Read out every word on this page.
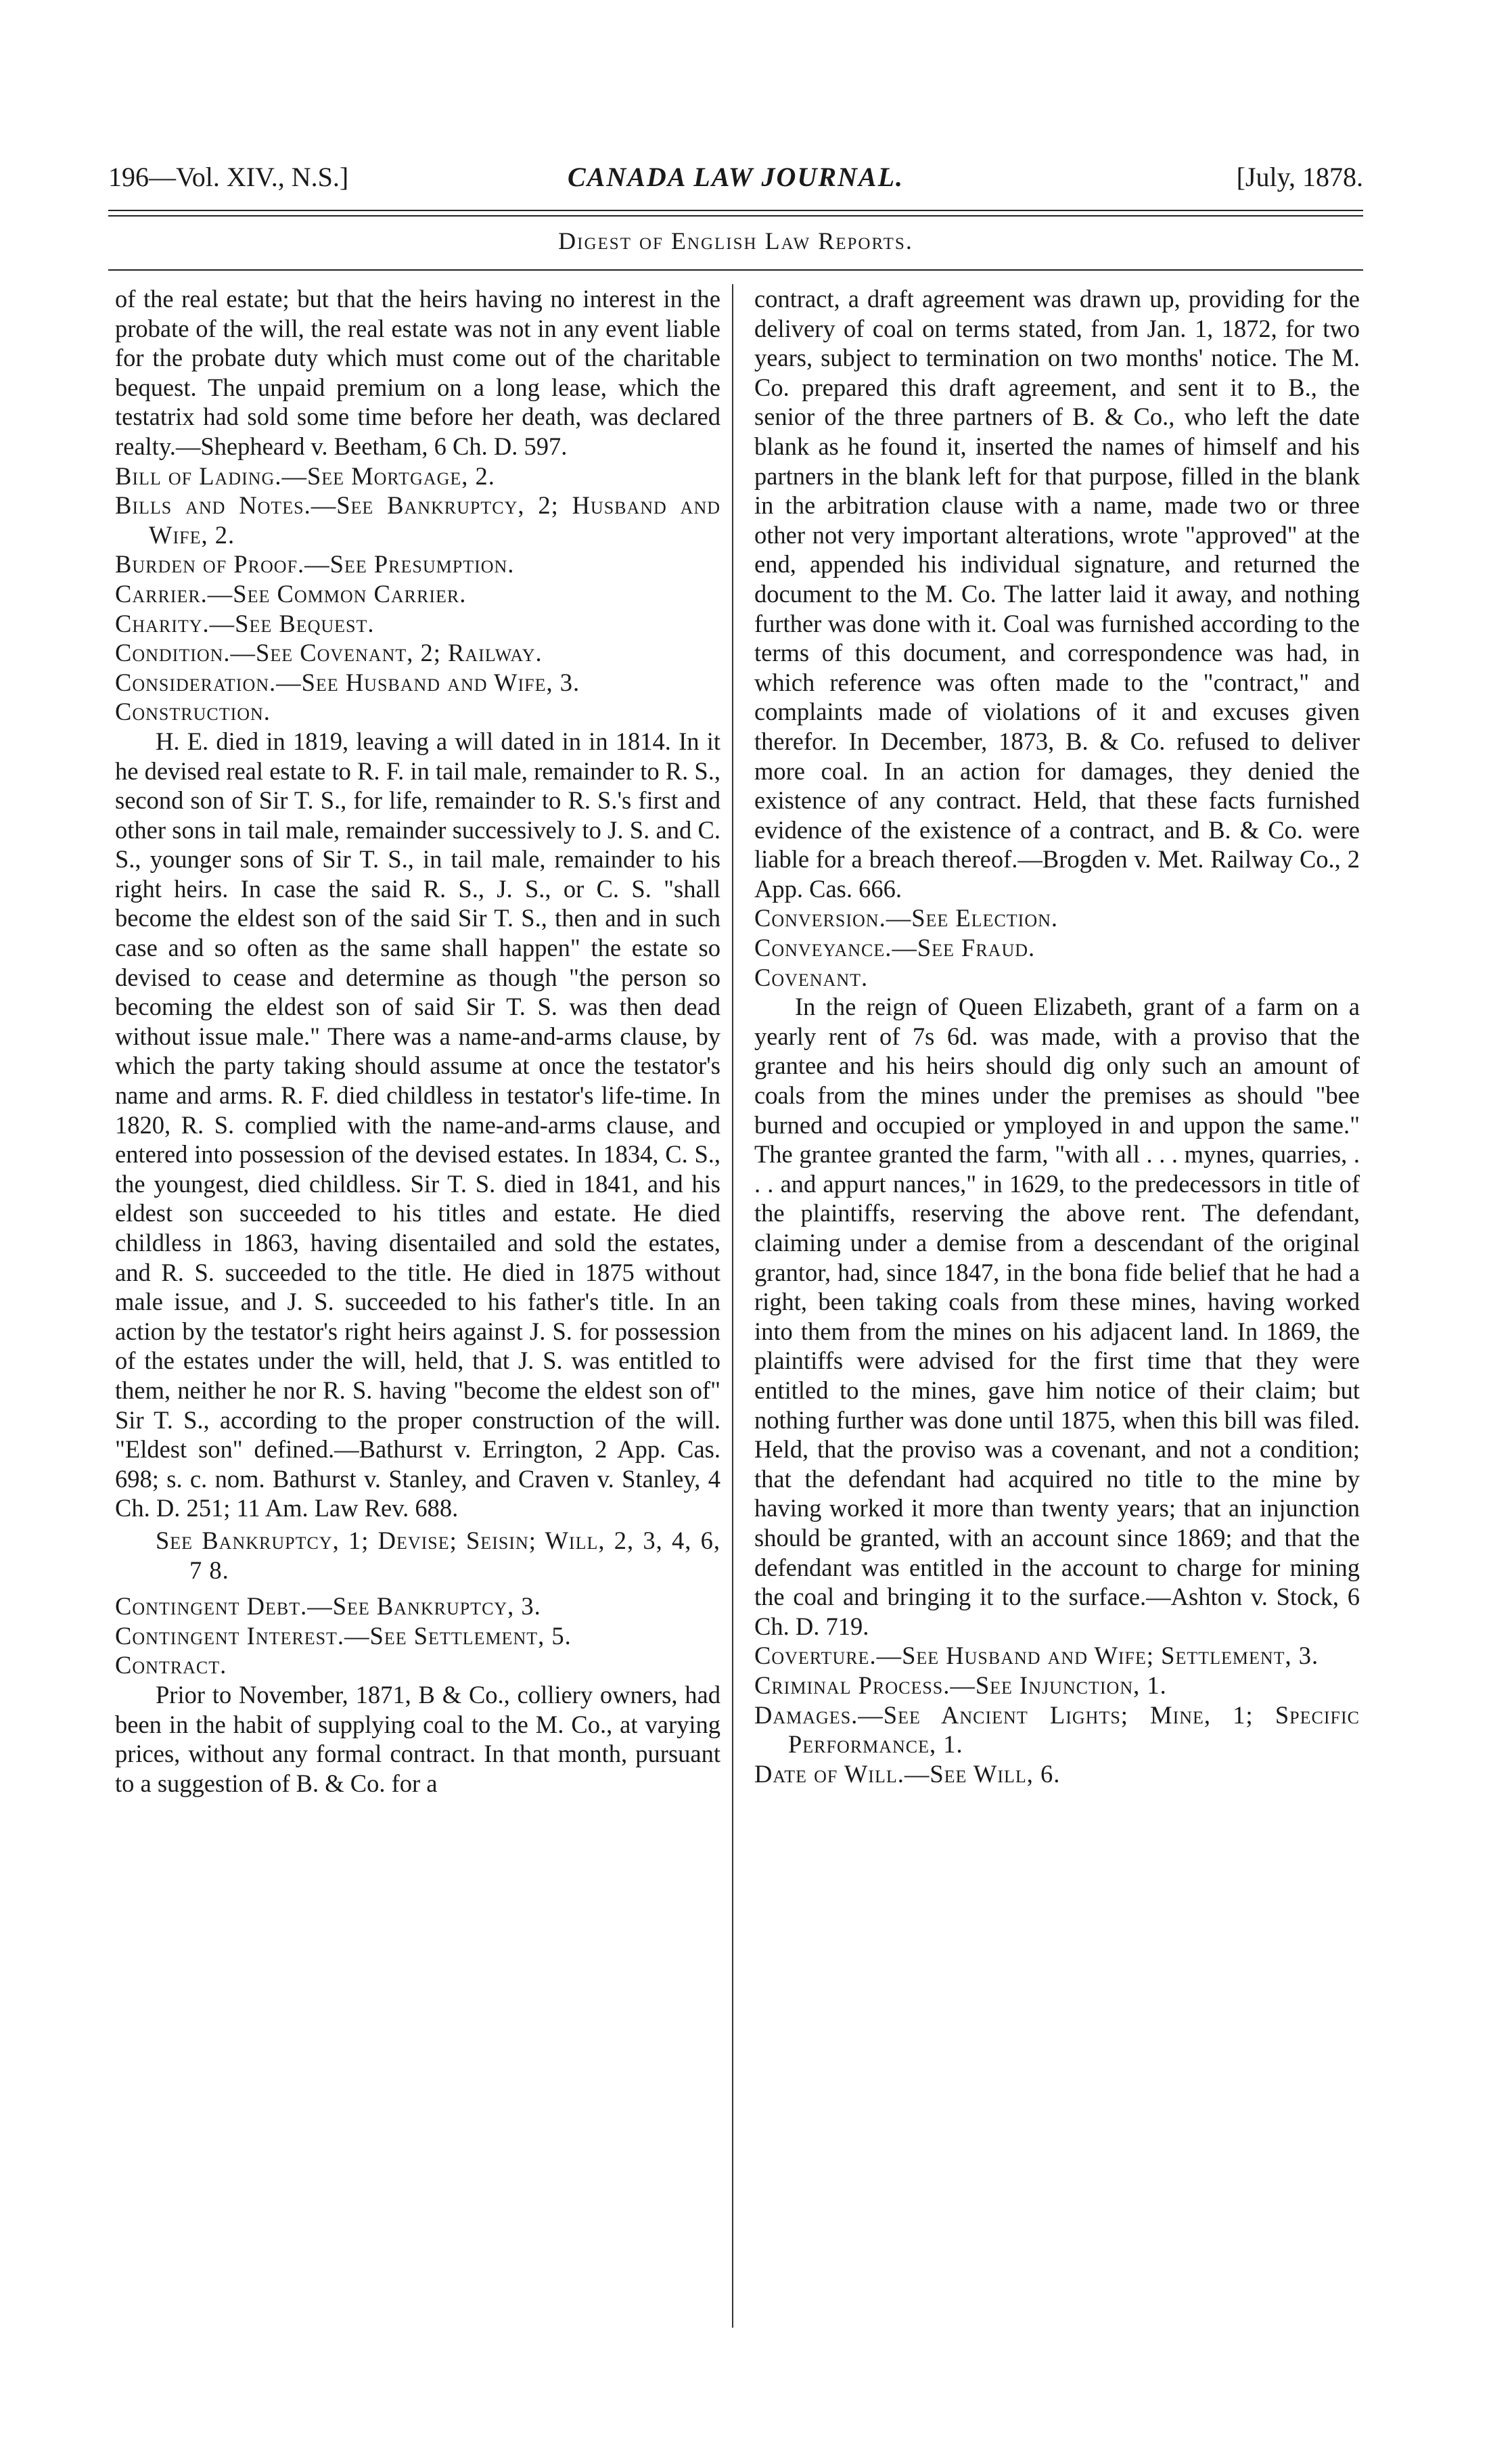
196—Vol. XIV., N.S.]	CANADA LAW JOURNAL.	[July, 1878.
Digest of English Law Reports.

of the real estate; but that the heirs having no interest in the probate of the will, the real estate was not in any event liable for the probate duty which must come out of the charitable bequest. The unpaid premium on a long lease, which the testatrix had sold some time before her death, was declared realty.—Shepheard v. Beetham, 6 Ch. D. 597.

Bill of Lading.—See Mortgage, 2.

Bills and Notes.—See Bankruptcy, 2; Husband and Wife, 2.

Burden of Proof.—See Presumption.

Carrier.—See Common Carrier.

Charity.—See Bequest.

Condition.—See Covenant, 2; Railway.

Consideration.—See Husband and Wife, 3.

Construction.

H. E. died in 1819, leaving a will dated in in 1814. In it he devised real estate to R. F. in tail male, remainder to R. S., second son of Sir T. S., for life, remainder to R. S.'s first and other sons in tail male, remainder successively to J. S. and C. S., younger sons of Sir T. S., in tail male, remainder to his right heirs. In case the said R. S., J. S., or C. S. "shall become the eldest son of the said Sir T. S., then and in such case and so often as the same shall happen" the estate so devised to cease and determine as though "the person so becoming the eldest son of said Sir T. S. was then dead without issue male." There was a name-and-arms clause, by which the party taking should assume at once the testator's name and arms. R. F. died childless in testator's life-time. In 1820, R. S. complied with the name-and-arms clause, and entered into possession of the devised estates. In 1834, C. S., the youngest, died childless. Sir T. S. died in 1841, and his eldest son succeeded to his titles and estate. He died childless in 1863, having disentailed and sold the estates, and R. S. succeeded to the title. He died in 1875 without male issue, and J. S. succeeded to his father's title. In an action by the testator's right heirs against J. S. for possession of the estates under the will, held, that J. S. was entitled to them, neither he nor R. S. having "become the eldest son of" Sir T. S., according to the proper construction of the will. "Eldest son" defined.—Bathurst v. Errington, 2 App. Cas. 698; s. c. nom. Bathurst v. Stanley, and Craven v. Stanley, 4 Ch. D. 251; 11 Am. Law Rev. 688.

See Bankruptcy, 1; Devise; Seisin; Will, 2, 3, 4, 6, 7 8.

Contingent Debt.—See Bankruptcy, 3.

Contingent Interest.—See Settlement, 5.

Contract.

Prior to November, 1871, B & Co., colliery owners, had been in the habit of supplying coal to the M. Co., at varying prices, without any formal contract. In that month, pursuant to a suggestion of B. & Co. for a

contract, a draft agreement was drawn up, providing for the delivery of coal on terms stated, from Jan. 1, 1872, for two years, subject to termination on two months' notice. The M. Co. prepared this draft agreement, and sent it to B., the senior of the three partners of B. & Co., who left the date blank as he found it, inserted the names of himself and his partners in the blank left for that purpose, filled in the blank in the arbitration clause with a name, made two or three other not very important alterations, wrote "approved" at the end, appended his individual signature, and returned the document to the M. Co. The latter laid it away, and nothing further was done with it. Coal was furnished according to the terms of this document, and correspondence was had, in which reference was often made to the "contract," and complaints made of violations of it and excuses given therefor. In December, 1873, B. & Co. refused to deliver more coal. In an action for damages, they denied the existence of any contract. Held, that these facts furnished evidence of the existence of a contract, and B. & Co. were liable for a breach thereof.—Brogden v. Met. Railway Co., 2 App. Cas. 666.

Conversion.—See Election.

Conveyance.—See Fraud.

Covenant.

In the reign of Queen Elizabeth, grant of a farm on a yearly rent of 7s 6d. was made, with a proviso that the grantee and his heirs should dig only such an amount of coals from the mines under the premises as should "bee burned and occupied or ymployed in and uppon the same." The grantee granted the farm, "with all . . . mynes, quarries, . . . and appurt nances," in 1629, to the predecessors in title of the plaintiffs, reserving the above rent. The defendant, claiming under a demise from a descendant of the original grantor, had, since 1847, in the bona fide belief that he had a right, been taking coals from these mines, having worked into them from the mines on his adjacent land. In 1869, the plaintiffs were advised for the first time that they were entitled to the mines, gave him notice of their claim; but nothing further was done until 1875, when this bill was filed. Held, that the proviso was a covenant, and not a condition; that the defendant had acquired no title to the mine by having worked it more than twenty years; that an injunction should be granted, with an account since 1869; and that the defendant was entitled in the account to charge for mining the coal and bringing it to the surface.—Ashton v. Stock, 6 Ch. D. 719.

Coverture.—See Husband and Wife; Settlement, 3.

Criminal Process.—See Injunction, 1.

Damages.—See Ancient Lights; Mine, 1; Specific Performance, 1.

Date of Will.—See Will, 6.
